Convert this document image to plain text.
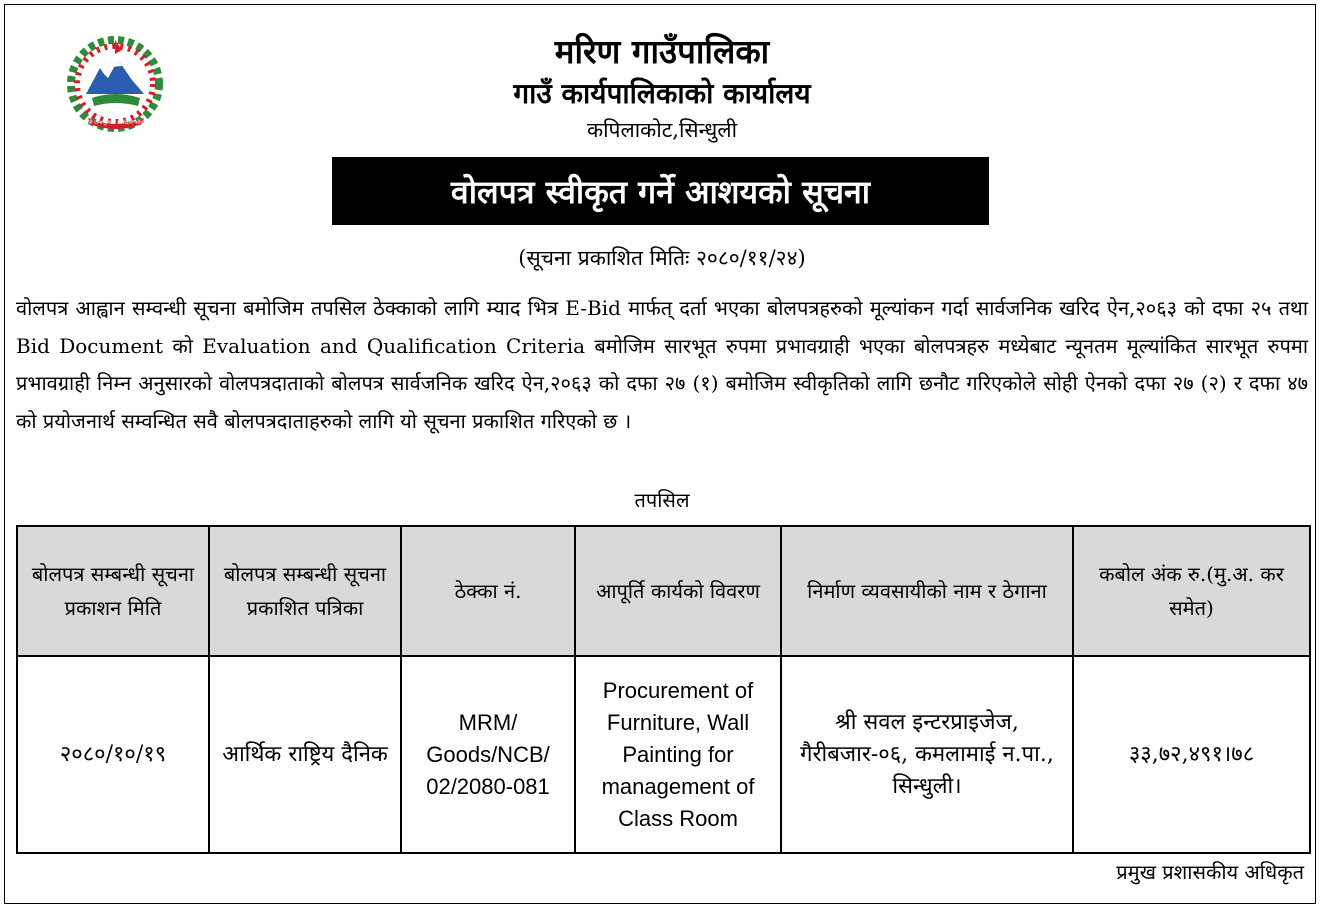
जननी जन्मभूमिश्च स्वर्गादपि गरीयसी
मरिण गाउँपालिका
गाउँ कार्यपालिकाको कार्यालय
कपिलाकोट,सिन्धुली
वोलपत्र स्वीकृत गर्ने आशयको सूचना
(सूचना प्रकाशित मितिः २०८०/११/२४)
वोलपत्र आह्वान सम्वन्धी सूचना बमोजिम तपसिल ठेक्काको लागि म्याद भित्र E-Bid मार्फत् दर्ता भएका बोलपत्रहरुको मूल्यांकन गर्दा सार्वजनिक खरिद ऐन,२०६३ को दफा २५ तथा Bid Document को Evaluation and Qualification Criteria बमोजिम सारभूत रुपमा प्रभावग्राही भएका बोलपत्रहरु मध्येबाट न्यूनतम मूल्यांकित सारभूत रुपमा प्रभावग्राही निम्न अनुसारको वोलपत्रदाताको बोलपत्र सार्वजनिक खरिद ऐन,२०६३ को दफा २७ (१) बमोजिम स्वीकृतिको लागि छनौट गरिएकोले सोही ऐनको दफा २७ (२) र दफा ४७ को प्रयोजनार्थ सम्वन्धित सवै बोलपत्रदाताहरुको लागि यो सूचना प्रकाशित गरिएको छ ।
तपसिल
बोलपत्र सम्बन्धी सूचना प्रकाशन मिति	बोलपत्र सम्बन्धी सूचना प्रकाशित पत्रिका	ठेक्का नं.	आपूर्ति कार्यको विवरण	निर्माण व्यवसायीको नाम र ठेगाना	कबोल अंक रु.(मु.अ. कर समेत)
२०८०/१०/१९	आर्थिक राष्ट्रिय दैनिक	MRM/ Goods/NCB/ 02/2080-081	Procurement of Furniture, Wall Painting for management of Class Room	श्री सवल इन्टरप्राइजेज, गैरीबजार-०६, कमलामाई न.पा., सिन्धुली।	३३,७२,४९१।७८
प्रमुख प्रशासकीय अधिकृत
